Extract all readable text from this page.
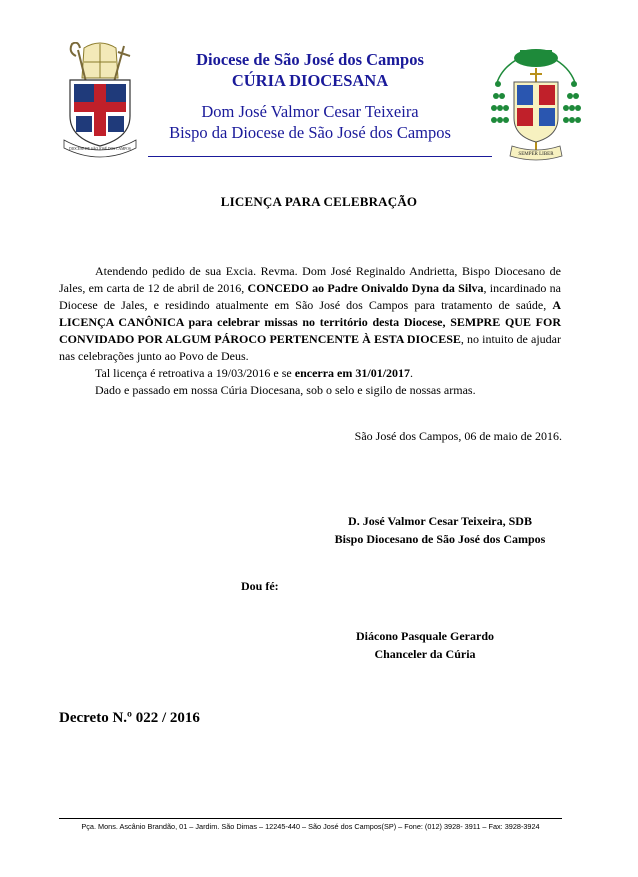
DIOCESE DE SÃO JOSÉ DOS CAMPOS
Diocese de São José dos Campos
CÚRIA DIOCESANA
Dom José Valmor Cesar Teixeira
Bispo da Diocese de São José dos Campos
SEMPER LIBER
LICENÇA PARA CELEBRAÇÃO

Atendendo pedido de sua Excia. Revma. Dom José Reginaldo Andrietta, Bispo Diocesano de Jales, em carta de 12 de abril de 2016, CONCEDO ao Padre Onivaldo Dyna da Silva, incardinado na Diocese de Jales, e residindo atualmente em São José dos Campos para tratamento de saúde, A LICENÇA CANÔNICA para celebrar missas no território desta Diocese, SEMPRE QUE FOR CONVIDADO POR ALGUM PÁROCO PERTENCENTE À ESTA DIOCESE, no intuito de ajudar nas celebrações junto ao Povo de Deus.

Tal licença é retroativa a 19/03/2016 e se encerra em 31/01/2017.

Dado e passado em nossa Cúria Diocesana, sob o selo e sigilo de nossas armas.

São José dos Campos, 06 de maio de 2016.
D. José Valmor Cesar Teixeira, SDB
Bispo Diocesano de São José dos Campos
Dou fé:
Diácono Pasquale Gerardo
Chanceler da Cúria
Decreto N.º 022 / 2016
Pça. Mons. Ascânio Brandão, 01 – Jardim. São Dimas – 12245-440 – São José dos Campos(SP) – Fone: (012) 3928- 3911 – Fax: 3928-3924
